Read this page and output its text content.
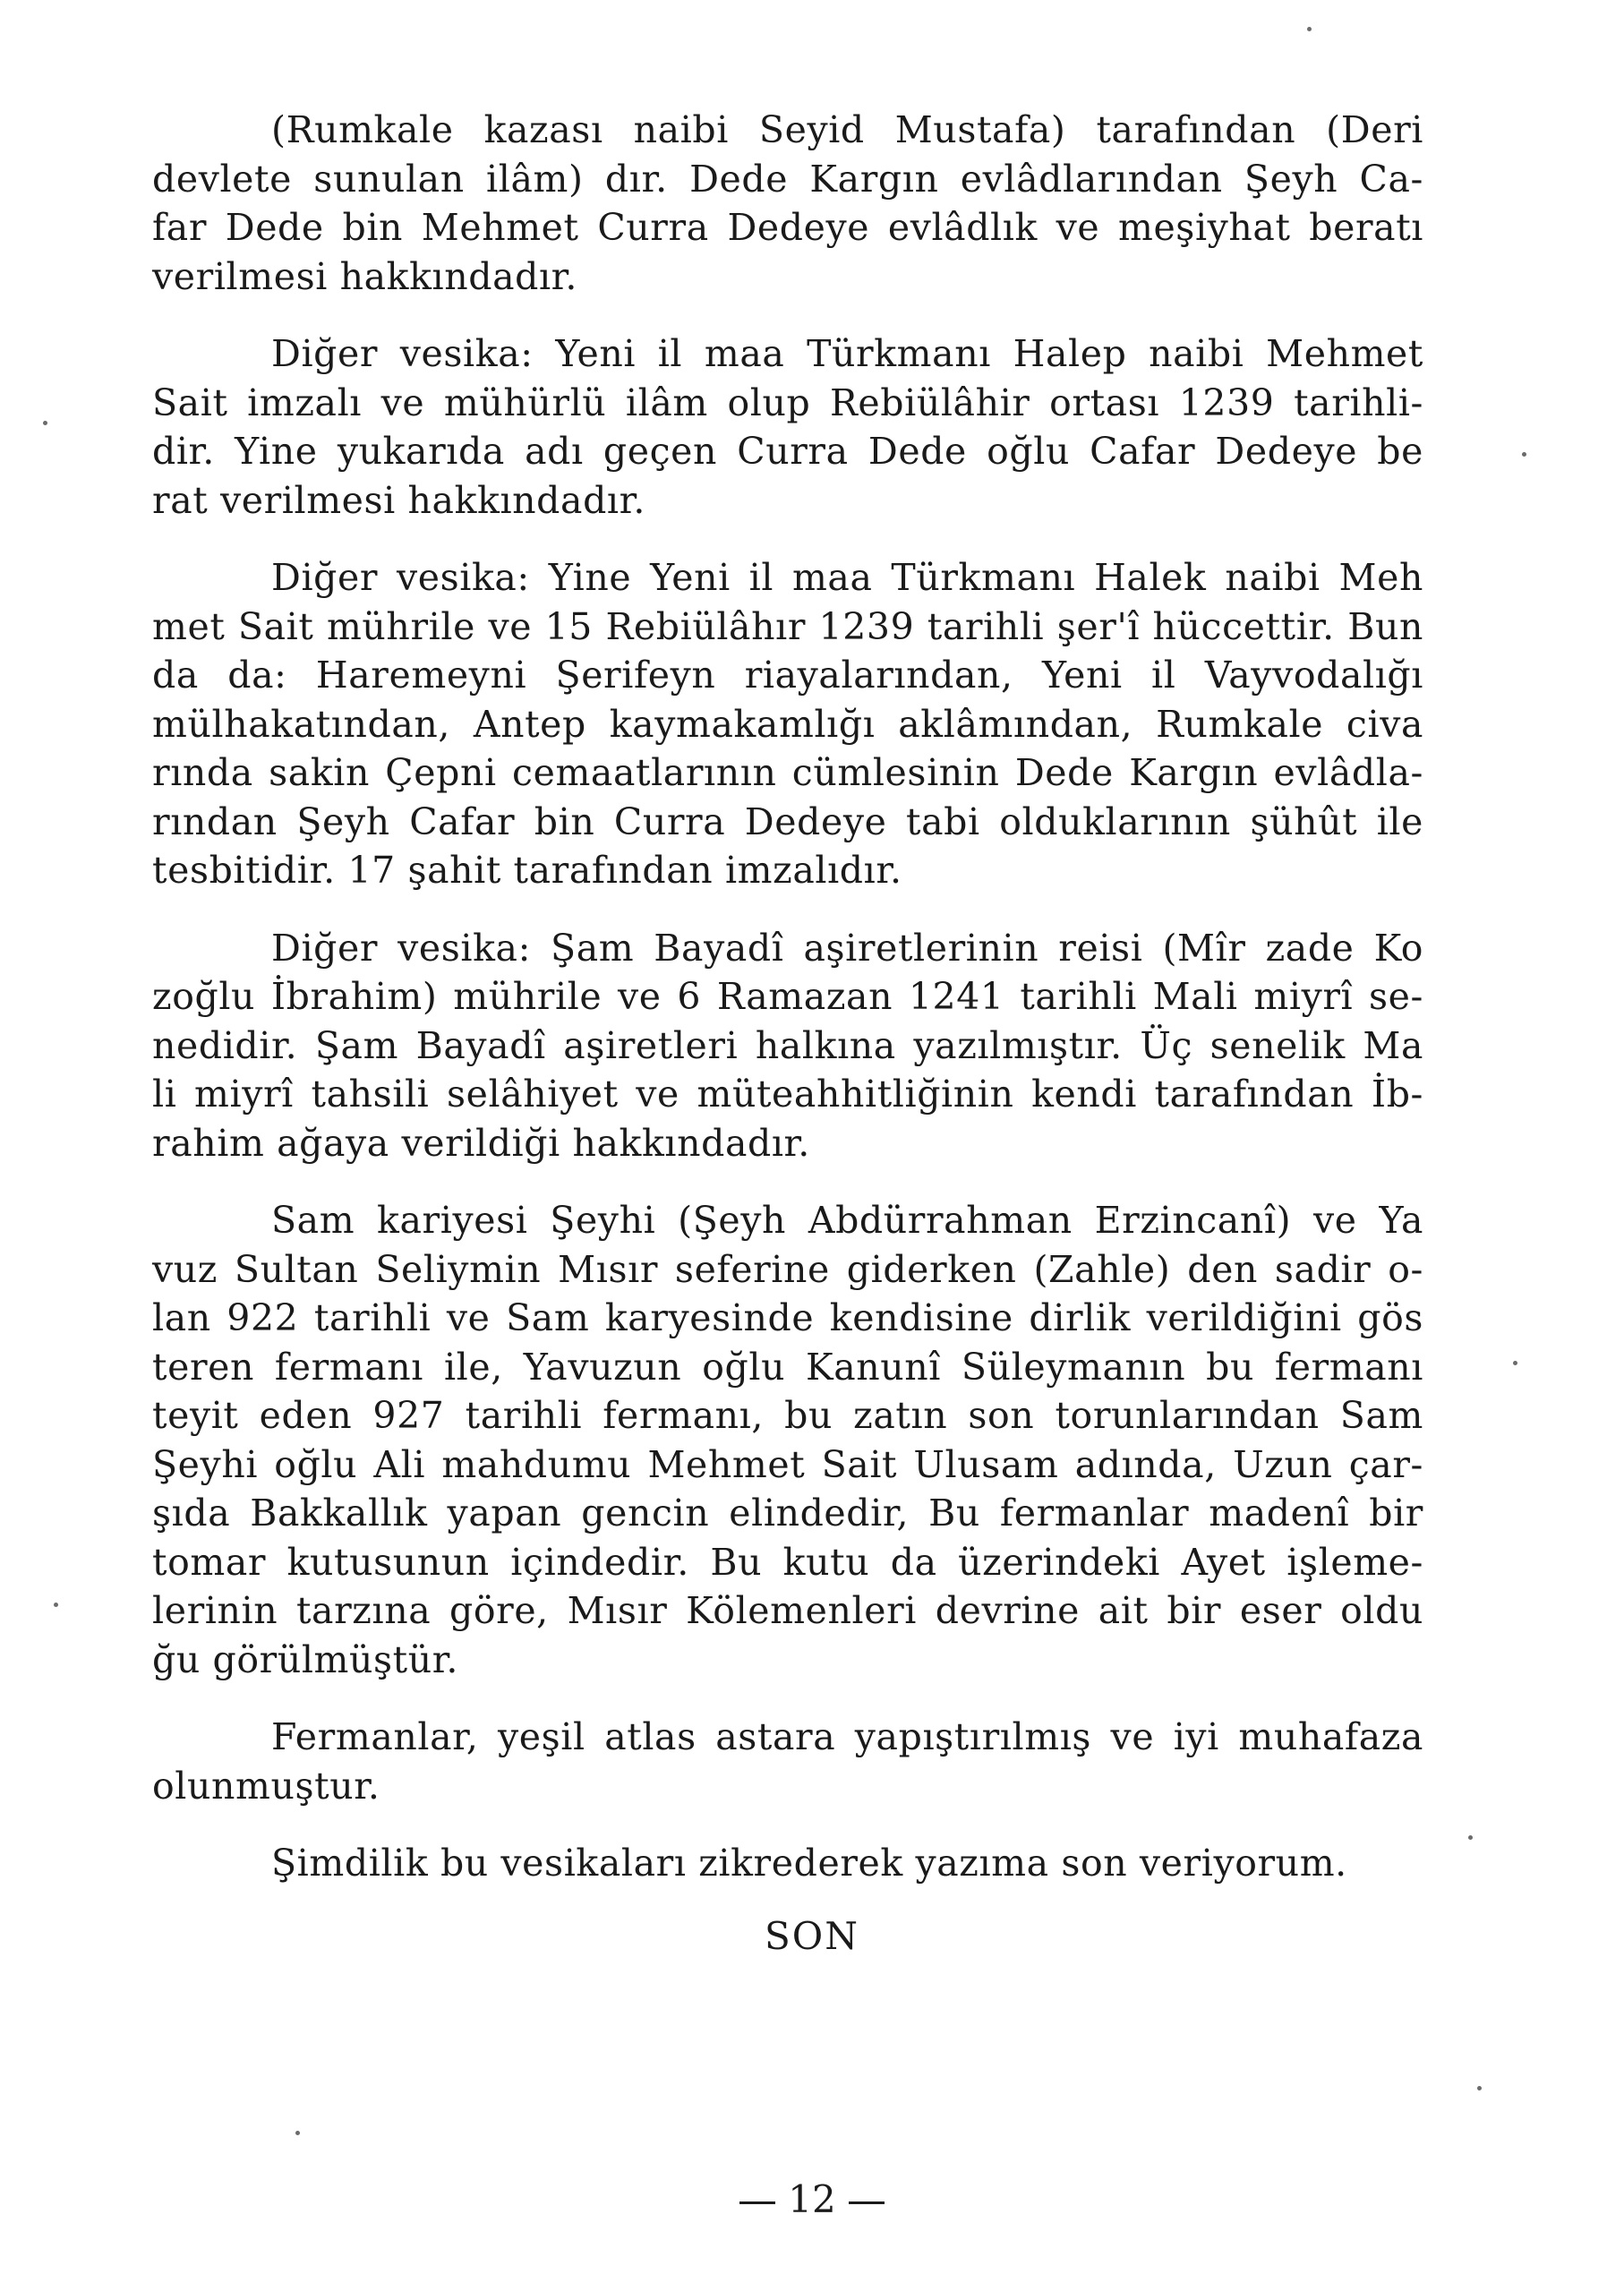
(Rumkale kazası naibi Seyid Mustafa) tarafından (Deri
devlete sunulan ilâm) dır. Dede Kargın evlâdlarından Şeyh Ca-
far Dede bin Mehmet Curra Dedeye evlâdlık ve meşiyhat beratı
verilmesi hakkındadır.
Diğer vesika: Yeni il maa Türkmanı Halep naibi Mehmet
Sait imzalı ve mühürlü ilâm olup Rebiülâhir ortası 1239 tarihli-
dir. Yine yukarıda adı geçen Curra Dede oğlu Cafar Dedeye be
rat verilmesi hakkındadır.
Diğer vesika: Yine Yeni il maa Türkmanı Halek naibi Meh
met Sait mührile ve 15 Rebiülâhır 1239 tarihli şer'î hüccettir. Bun
da da: Haremeyni Şerifeyn riayalarından, Yeni il Vayvodalığı
mülhakatından, Antep kaymakamlığı aklâmından, Rumkale civa
rında sakin Çepni cemaatlarının cümlesinin Dede Kargın evlâdla-
rından Şeyh Cafar bin Curra Dedeye tabi olduklarının şühût ile
tesbitidir. 17 şahit tarafından imzalıdır.
Diğer vesika: Şam Bayadî aşiretlerinin reisi (Mîr zade Ko
zoğlu İbrahim) mührile ve 6 Ramazan 1241 tarihli Mali miyrî se-
nedidir. Şam Bayadî aşiretleri halkına yazılmıştır. Üç senelik Ma
li miyrî tahsili selâhiyet ve müteahhitliğinin kendi tarafından İb-
rahim ağaya verildiği hakkındadır.
Sam kariyesi Şeyhi (Şeyh Abdürrahman Erzincanî) ve Ya
vuz Sultan Seliymin Mısır seferine giderken (Zahle) den sadir o-
lan 922 tarihli ve Sam karyesinde kendisine dirlik verildiğini gös
teren fermanı ile, Yavuzun oğlu Kanunî Süleymanın bu fermanı
teyit eden 927 tarihli fermanı, bu zatın son torunlarından Sam
Şeyhi oğlu Ali mahdumu Mehmet Sait Ulusam adında, Uzun çar-
şıda Bakkallık yapan gencin elindedir, Bu fermanlar madenî bir
tomar kutusunun içindedir. Bu kutu da üzerindeki Ayet işleme-
lerinin tarzına göre, Mısır Kölemenleri devrine ait bir eser oldu
ğu görülmüştür.
Fermanlar, yeşil atlas astara yapıştırılmış ve iyi muhafaza
olunmuştur.
Şimdilik bu vesikaları zikrederek yazıma son veriyorum.
SON
12
